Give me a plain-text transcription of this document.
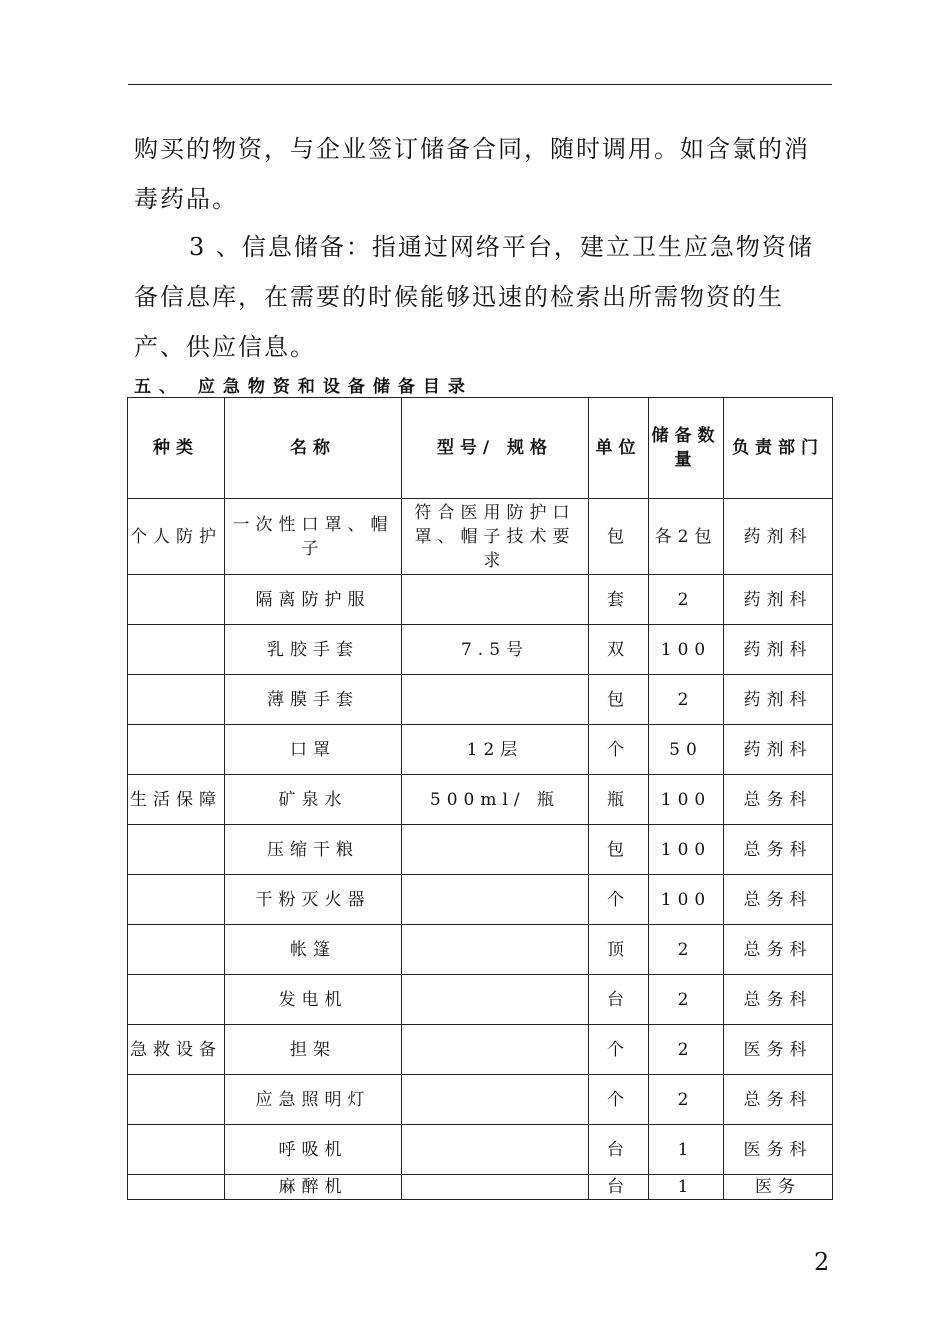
购买的物资，与企业签订储备合同，随时调用。如含氯的消毒药品。
3 、信息储备：指通过网络平台，建立卫生应急物资储备信息库，在需要的时候能够迅速的检索出所需物资的生产、供应信息。
五、 应急物资和设备储备目录
种类	名称	型号/ 规格	单位	储备数量	负责部门
个人防护	一次性口罩、帽子	符合医用防护口罩、帽子技术要求	包	各2包	药剂科
	隔离防护服		套	2	药剂科
	乳胶手套	7.5号	双	100	药剂科
	薄膜手套		包	2	药剂科
	口罩	12层	个	50	药剂科
生活保障	矿泉水	500ml/ 瓶	瓶	100	总务科
	压缩干粮		包	100	总务科
	干粉灭火器		个	100	总务科
	帐篷		顶	2	总务科
	发电机		台	2	总务科
急救设备	担架		个	2	医务科
	应急照明灯		个	2	总务科
	呼吸机		台	1	医务科
	麻醉机		台	1	医务
2
